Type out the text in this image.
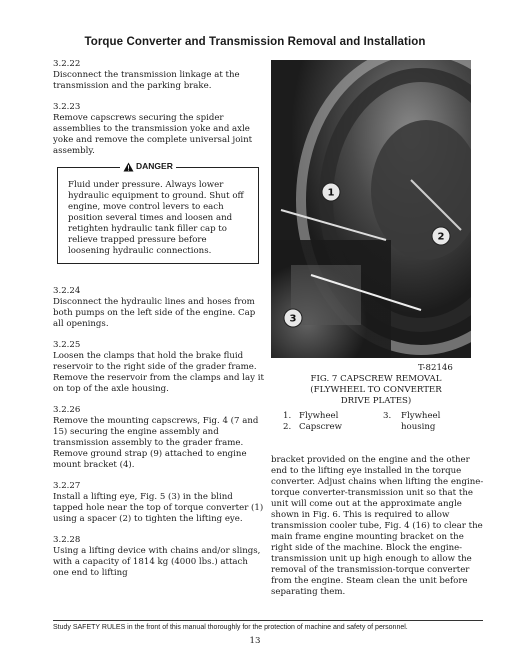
Torque Converter and Transmission Removal and Installation
3.2.22
Disconnect the transmission linkage at the transmission and the parking brake.
3.2.23
Remove capscrews securing the spider assemblies to the transmission yoke and axle yoke and remove the complete universal joint assembly.
DANGER
Fluid under pressure. Always lower hydraulic equipment to ground. Shut off engine, move control levers to each position several times and loosen and retighten hydraulic tank filler cap to relieve trapped pressure before loosening hydraulic connections.
3.2.24
Disconnect the hydraulic lines and hoses from both pumps on the left side of the engine. Cap all openings.
3.2.25
Loosen the clamps that hold the brake fluid reservoir to the right side of the grader frame. Remove the reservoir from the clamps and lay it on top of the axle housing.
3.2.26
Remove the mounting capscrews, Fig. 4 (7 and 15) securing the engine assembly and transmission assembly to the grader frame. Remove ground strap (9) attached to engine mount bracket (4).
3.2.27
Install a lifting eye, Fig. 5 (3) in the blind tapped hole near the top of torque converter (1) using a spacer (2) to tighten the lifting eye.
3.2.28
Using a lifting device with chains and/or slings, with a capacity of 1814 kg (4000 lbs.) attach one end to lifting
1
2
3
T-82146
FIG. 7 CAPSCREW REMOVAL
(FLYWHEEL TO CONVERTER
DRIVE PLATES)
1. Flywheel
2. Capscrew
3.	Flywheel housing
bracket provided on the engine and the other end to the lifting eye installed in the torque converter. Adjust chains when lifting the engine-torque converter-transmission unit so that the unit will come out at the approximate angle shown in Fig. 6. This is required to allow transmission cooler tube, Fig. 4 (16) to clear the main frame engine mounting bracket on the right side of the machine. Block the engine-transmission unit up high enough to allow the removal of the transmission-torque converter from the engine. Steam clean the unit before separating them.
Study SAFETY RULES in the front of this manual thoroughly for the protection of machine and safety of personnel.
13
